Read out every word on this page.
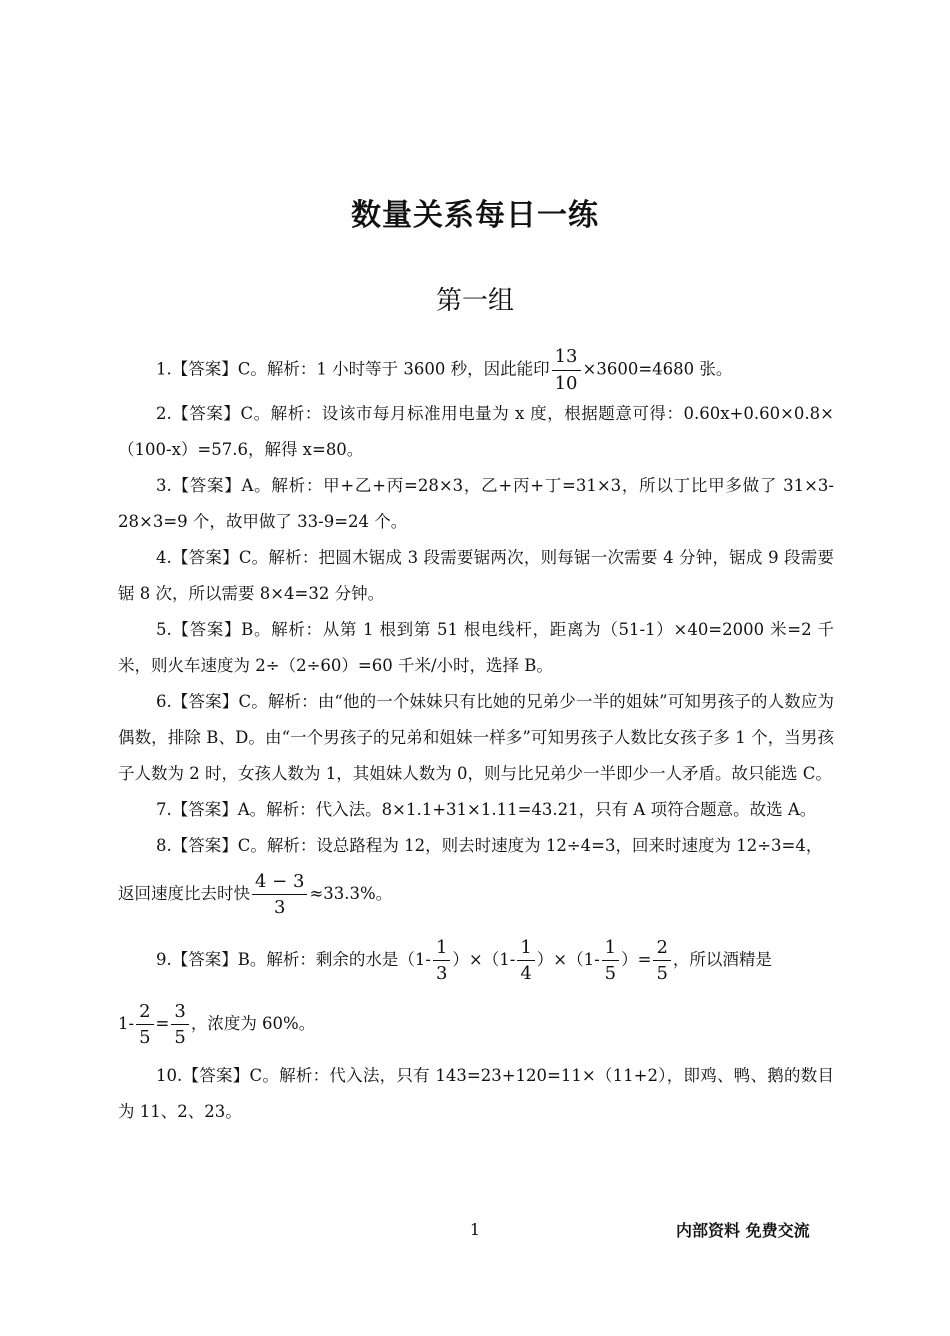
数量关系每日一练
第一组

1.【答案】C。解析：1 小时等于 3600 秒，因此能印 $\frac{13}{10} \times 3600=4680$ 张。

2.【答案】C。解析：设该市每月标准用电量为 x 度，根据题意可得：0.60x+0.60×0.8×（100-x）=57.6，解得 x=80。

3.【答案】A。解析：甲+乙+丙=28×3，乙+丙+丁=31×3，所以丁比甲多做了 31×3-28×3=9 个，故甲做了 33-9=24 个。

4.【答案】C。解析：把圆木锯成 3 段需要锯两次，则每锯一次需要 4 分钟，锯成 9 段需要锯 8 次，所以需要 8×4=32 分钟。

5.【答案】B。解析：从第 1 根到第 51 根电线杆，距离为（51-1）×40=2000 米=2 千米，则火车速度为 2÷（2÷60）=60 千米/小时，选择 B。

6.【答案】C。解析：由“他的一个妹妹只有比她的兄弟少一半的姐妹”可知男孩子的人数应为偶数，排除 B、D。由“一个男孩子的兄弟和姐妹一样多”可知男孩子人数比女孩子多 1 个，当男孩子人数为 2 时，女孩人数为 1，其姐妹人数为 0，则与比兄弟少一半即少一人矛盾。故只能选 C。

7.【答案】A。解析：代入法。8×1.1+31×1.11=43.21，只有 A 项符合题意。故选 A。

8.【答案】C。解析：设总路程为 12，则去时速度为 12÷4=3，回来时速度为 12÷3=4，

返回速度比去时快 $\frac{4 - 3}{3} \approx 33.3\%$。

9.【答案】B。解析：剩余的水是$(1- \frac{1}{3} )\times(1- \frac{1}{4} )\times(1- \frac{1}{5}$ ）= $\frac{2}{5}$ ，所以酒精是

$1- \frac{2}{5} = \frac{3}{5}$ ，浓度为 60%。

10.【答案】C。解析：代入法，只有 143=23+120=11×（11+2），即鸡、鸭、鹅的数目为 11、2、23。

1	内部资料 免费交流
